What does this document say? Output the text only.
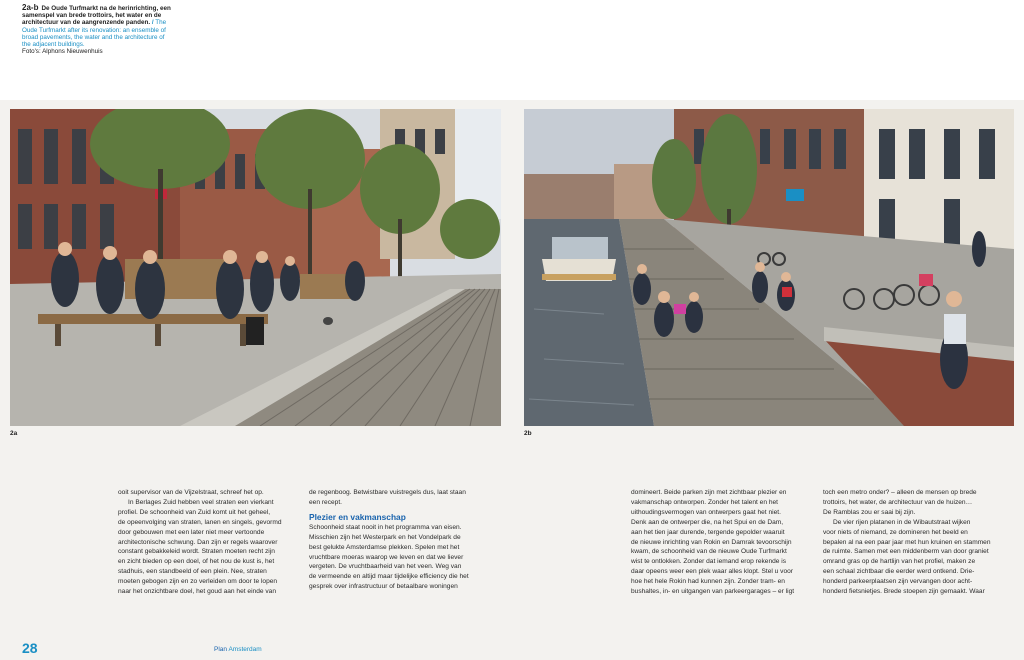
2a-b De Oude Turfmarkt na de herinrichting, een samenspel van brede trottoirs, het water en de architectuur van de aangrenzende panden. / The Oude Turfmarkt after its renovation: an ensemble of broad pavements, the water and the architecture of the adjacent buildings.
Foto's: Alphons Nieuwenhuis
2a	2b

ooit supervisor van de Vijzelstraat, schreef het op.

In Berlages Zuid hebben veel straten een vierkant

profiel. De schoonheid van Zuid komt uit het geheel,

de opeenvolging van straten, lanen en singels, gevormd

door gebouwen met een later niet meer vertoonde

architectonische schwung. Dan zijn er regels waarover

constant gebakkeleid wordt. Straten moeten recht zijn

en zicht bieden op een doel, of het nou de kust is, het

stadhuis, een standbeeld of een plein. Nee, straten

moeten gebogen zijn en zo verleiden om door te lopen

naar het onzichtbare doel, het goud aan het einde van

de regenboog. Betwistbare vuistregels dus, laat staan

een recept.

Plezier en vakmanschap

Schoonheid staat nooit in het programma van eisen.

Misschien zijn het Westerpark en het Vondelpark de

best gelukte Amsterdamse plekken. Spelen met het

vruchtbare moeras waarop we leven en dat we liever

vergeten. De vruchtbaarheid van het veen. Weg van

de vermeende en altijd maar tijdelijke efficiency die het

gesprek over infrastructuur of betaalbare woningen

domineert. Beide parken zijn met zichtbaar plezier en

vakmanschap ontworpen. Zonder het talent en het

uithoudingsvermogen van ontwerpers gaat het niet.

Denk aan de ontwerper die, na het Spui en de Dam,

aan het tien jaar durende, tergende gepolder waaruit

de nieuwe inrichting van Rokin en Damrak tevoorschijn

kwam, de schoonheid van de nieuwe Oude Turfmarkt

wist te ontlokken. Zonder dat iemand erop rekende is

daar opeens weer een plek waar alles klopt. Stel u voor

hoe het hele Rokin had kunnen zijn. Zonder tram- en

bushaltes, in- en uitgangen van parkeergarages – er ligt

toch een metro onder? – alleen de mensen op brede

trottoirs, het water, de architectuur van de huizen…

De Ramblas zou er saai bij zijn.

De vier rijen platanen in de Wibautstraat wijken

voor niets of niemand, ze domineren het beeld en

bepalen al na een paar jaar met hun kruinen en stammen

de ruimte. Samen met een middenberm van door graniet

omrand gras op de hartlijn van het profiel, maken ze

een schaal zichtbaar die eerder werd ontkend. Drie-

honderd parkeerplaatsen zijn vervangen door acht-

honderd fietsnietjes. Brede stoepen zijn gemaakt. Waar

28	Plan Amsterdam
